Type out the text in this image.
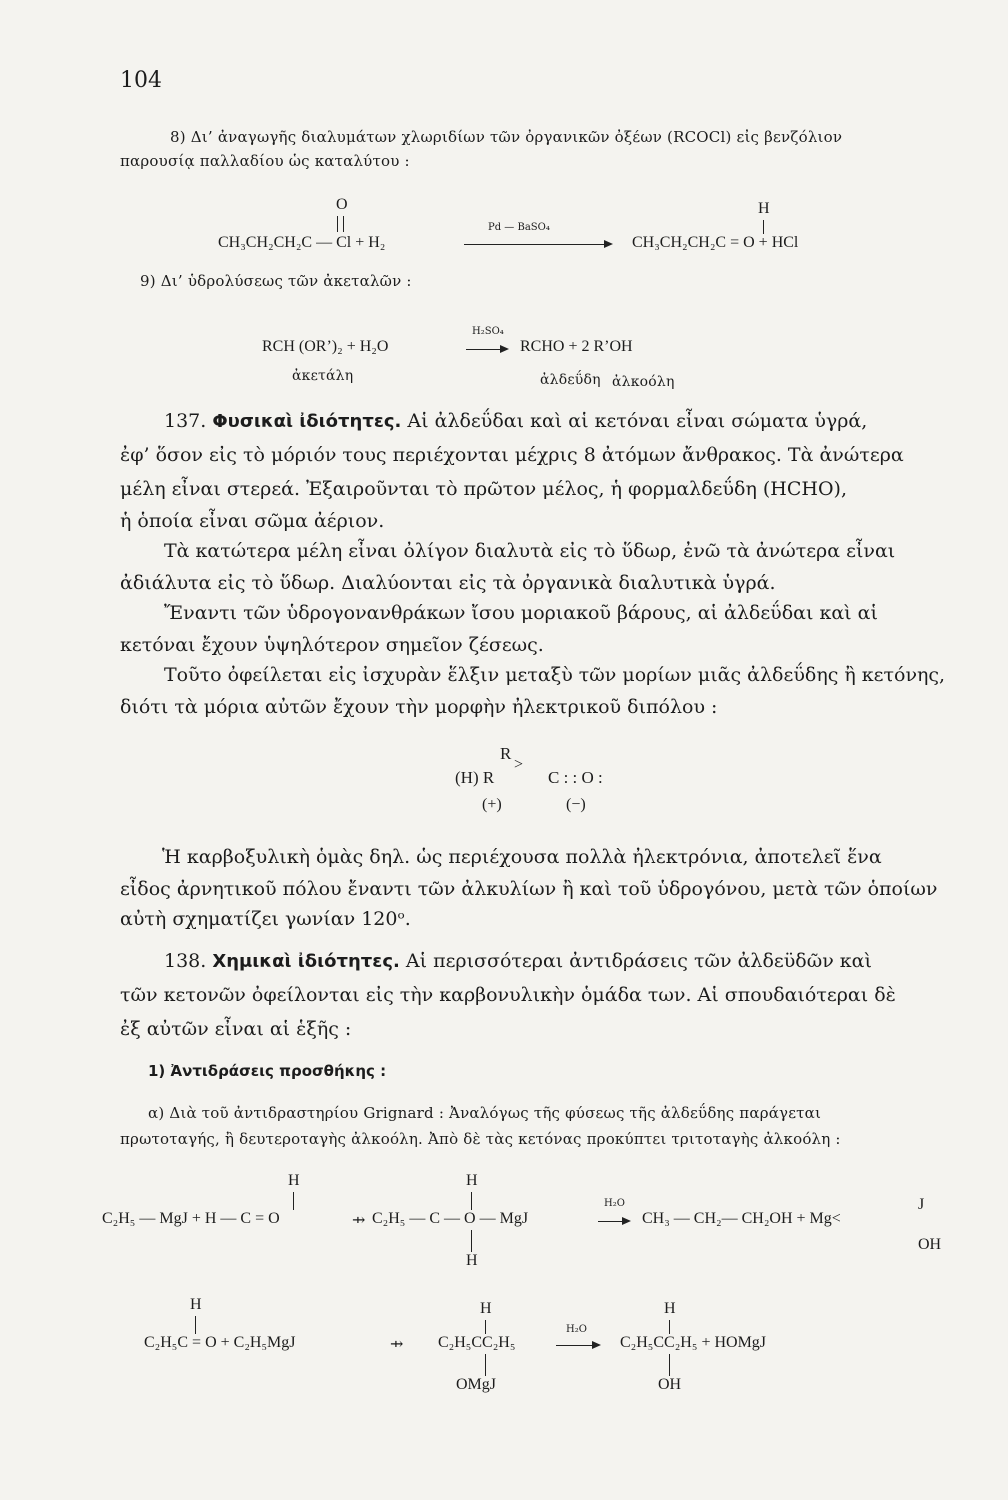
104
8) Δι’ ἀναγωγῆς διαλυμάτων χλωριδίων τῶν ὀργανικῶν ὀξέων (RCOCl) εἰς βενζόλιον
παρουσίᾳ παλλαδίου ὡς καταλύτου :
O
CH₃CH₂CH₂C — Cl + H₂
Pd — BaSO₄
H
CH₃CH₂CH₂C = O + HCl
9) Δι’ ὑδρολύσεως τῶν ἀκεταλῶν :
H₂SO₄
RCH (OR’)₂ + H₂O	RCHO + 2 R’OH
ἀκετάλη	ἀλδεΰδη ἀλκοόλη
137. Φυσικαὶ ἰδιότητες. Αἱ ἀλδεΰδαι καὶ αἱ κετόναι εἶναι σώματα ὑγρά,
ἐφ’ ὅσον εἰς τὸ μόριόν τους περιέχονται μέχρις 8 ἀτόμων ἄνθρακος. Τὰ ἀνώτερα
μέλη εἶναι στερεά. Ἐξαιροῦνται τὸ πρῶτον μέλος, ἡ φορμαλδεΰδη (HCHO),
ἡ ὁποία εἶναι σῶμα ἀέριον.
Τὰ κατώτερα μέλη εἶναι ὀλίγον διαλυτὰ εἰς τὸ ὕδωρ, ἐνῶ τὰ ἀνώτερα εἶναι
ἀδιάλυτα εἰς τὸ ὕδωρ. Διαλύονται εἰς τὰ ὀργανικὰ διαλυτικὰ ὑγρά.
Ἔναντι τῶν ὑδρογονανθράκων ἴσου μοριακοῦ βάρους, αἱ ἀλδεΰδαι καὶ αἱ
κετόναι ἔχουν ὑψηλότερον σημεῖον ζέσεως.
Τοῦτο ὀφείλεται εἰς ἰσχυρὰν ἕλξιν μεταξὺ τῶν μορίων μιᾶς ἀλδεΰδης ἢ κετόνης,
διότι τὰ μόρια αὐτῶν ἔχουν τὴν μορφὴν ἠλεκτρικοῦ διπόλου :
R
(H) R
>
C : : O :
(+)	(−)
Ἡ καρβοξυλικὴ ὁμὰς δηλ. ὡς περιέχουσα πολλὰ ἠλεκτρόνια, ἀποτελεῖ ἕνα
εἶδος ἀρνητικοῦ πόλου ἔναντι τῶν ἀλκυλίων ἢ καὶ τοῦ ὑδρογόνου, μετὰ τῶν ὁποίων
αὐτὴ σχηματίζει γωνίαν 120ᵒ.
138. Χημικαὶ ἰδιότητες. Αἱ περισσότεραι ἀντιδράσεις τῶν ἀλδεϋδῶν καὶ
τῶν κετονῶν ὀφείλονται εἰς τὴν καρβονυλικὴν ὁμάδα των. Αἱ σπουδαιότεραι δὲ
ἐξ αὐτῶν εἶναι αἱ ἑξῆς :
1) Ἀντιδράσεις προσθήκης :
α) Διὰ τοῦ ἀντιδραστηρίου Grignard : Ἀναλόγως τῆς φύσεως τῆς ἀλδεΰδης παράγεται
πρωτοταγής, ἢ δευτεροταγὴς ἀλκοόλη. Ἀπὸ δὲ τὰς κετόνας προκύπτει τριτοταγὴς ἀλκοόλη :
H	H
C₂H₅ — MgJ + H — C = O	⇸ C₂H₅ — C — O — MgJ
H
H₂O
CH₃ — CH₂— CH₂OH + Mg<
J
OH
H	H	H
C₂H₅C = O + C₂H₅MgJ	⇸ C₂H₅CC₂H₅
OMgJ
H₂O
C₂H₅CC₂H₅ + HOMgJ
OH
